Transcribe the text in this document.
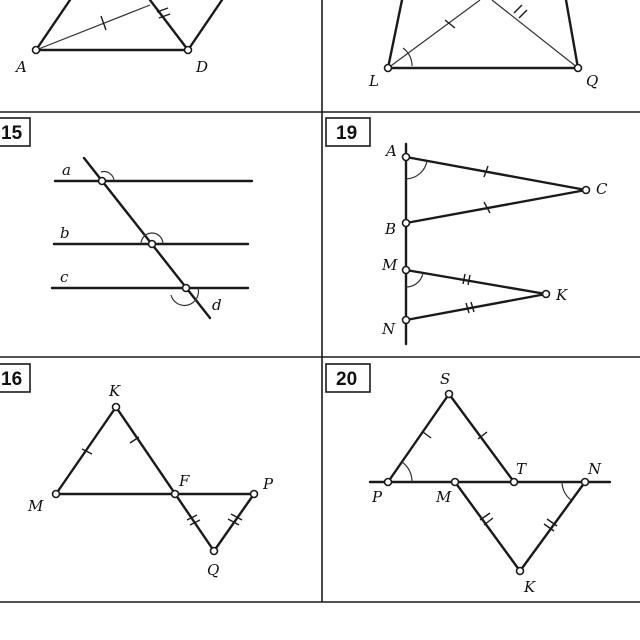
A	D
L	Q
15
a
b
c
d
19
A
B
C
M
N
K
16
K
M
F	P
Q
20	S
P	M
T	N
K
